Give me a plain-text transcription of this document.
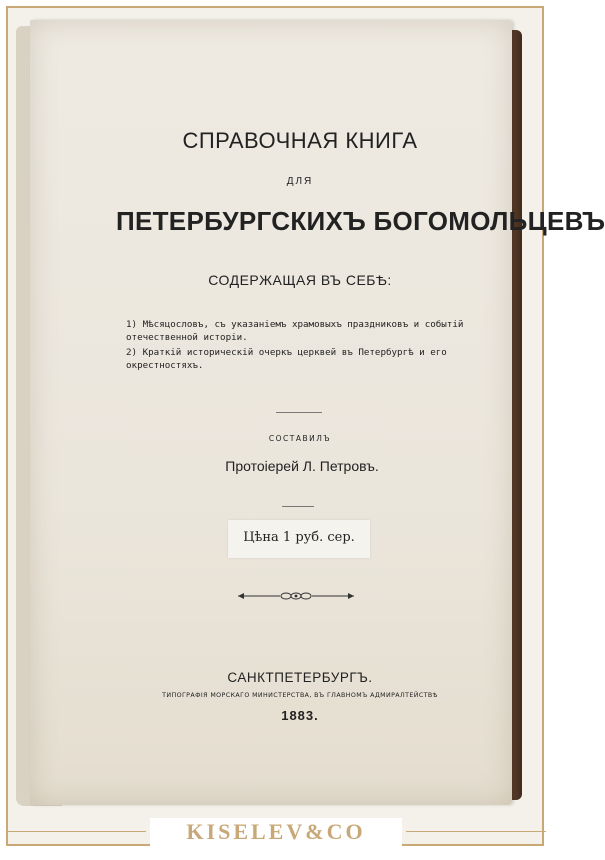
СПРАВОЧНАЯ КНИГА
ДЛЯ
ПЕТЕРБУРГСКИХЪ БОГОМОЛЬЦЕВЪ
СОДЕРЖАЩАЯ ВЪ СЕБѢ:
1) Мѣсяцословъ, съ указаніемъ храмовыхъ праздниковъ и событій отечественной исторіи.
2) Краткій историческій очеркъ церквей въ Петербургѣ и его окрестностяхъ.
СОСТАВИЛЪ
Протоіерей Л. Петровъ.
Цѣна 1 руб. сер.
САНКТПЕТЕРБУРГЪ.
ТИПОГРАФІЯ МОРСКАГО МИНИСТЕРСТВА, ВЪ ГЛАВНОМЪ АДМИРАЛТЕЙСТВѢ
1883.
KISELEV&CO
